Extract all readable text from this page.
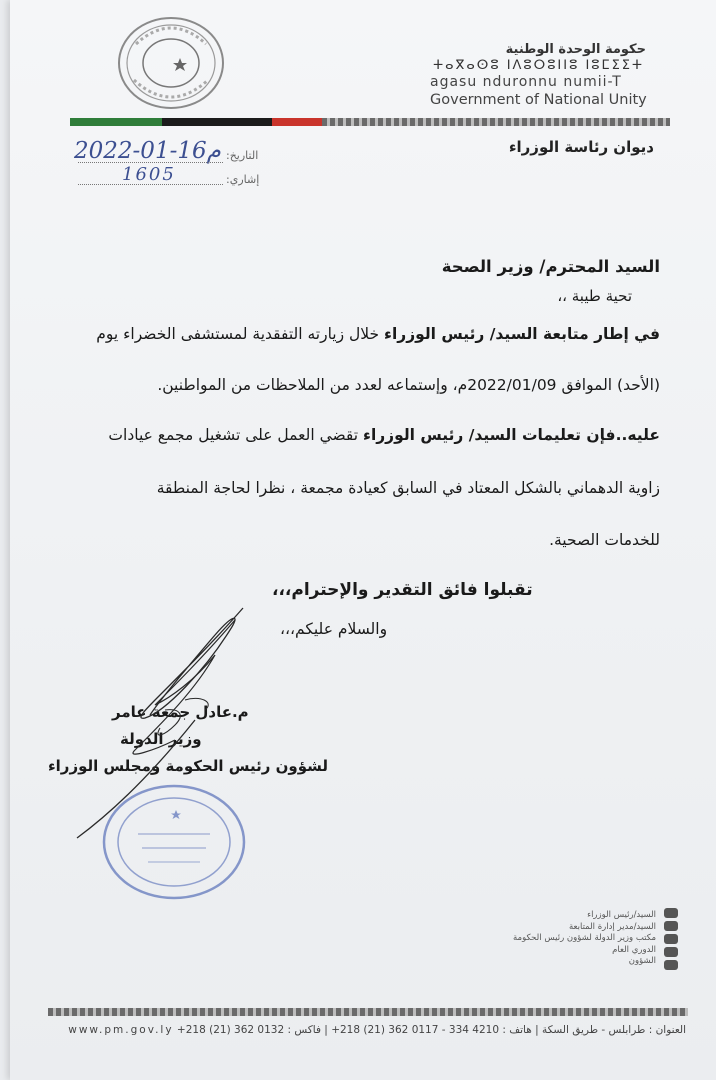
حكومة الوحدة الوطنية
ⵜⴰⴳⴰⵙⵓ ⵏⴷⵓⵔⵓⵏⵏⵓ ⵏⵓⵎⵉⵉⵜ
agasu nduronnu numii-T
Government of National Unity
ديوان رئاسة الوزراء
2022-01-16م التاريخ:
1605	إشاري:
السيد المحترم/ وزير الصحة
تحية طيبة ،،
في إطار متابعة السيد/ رئيس الوزراء خلال زيارته التفقدية لمستشفى الخضراء يوم
(الأحد) الموافق 2022/01/09م، وإستماعه لعدد من الملاحظات من المواطنين.
عليه..فإن تعليمات السيد/ رئيس الوزراء تقضي العمل على تشغيل مجمع عيادات
زاوية الدهماني بالشكل المعتاد في السابق كعيادة مجمعة ، نظرا لحاجة المنطقة
للخدمات الصحية.
تقبلوا فائق التقدير والإحترام،،،
والسلام عليكم،،،
م.عادل جمعة عامر
وزير الدولة
لشؤون رئيس الحكومة ومجلس الوزراء
السيد/رئيس الوزراء
السيد/مدير إدارة المتابعة
مكتب وزير الدولة لشؤون رئيس الحكومة
الدوري العام
الشؤون
العنوان : طرابلس - طريق السكة | هاتف : 4210 334 - 0117 362 (21) 218+ | فاكس : 0132 362 (21) 218+ www.pm.gov.ly
